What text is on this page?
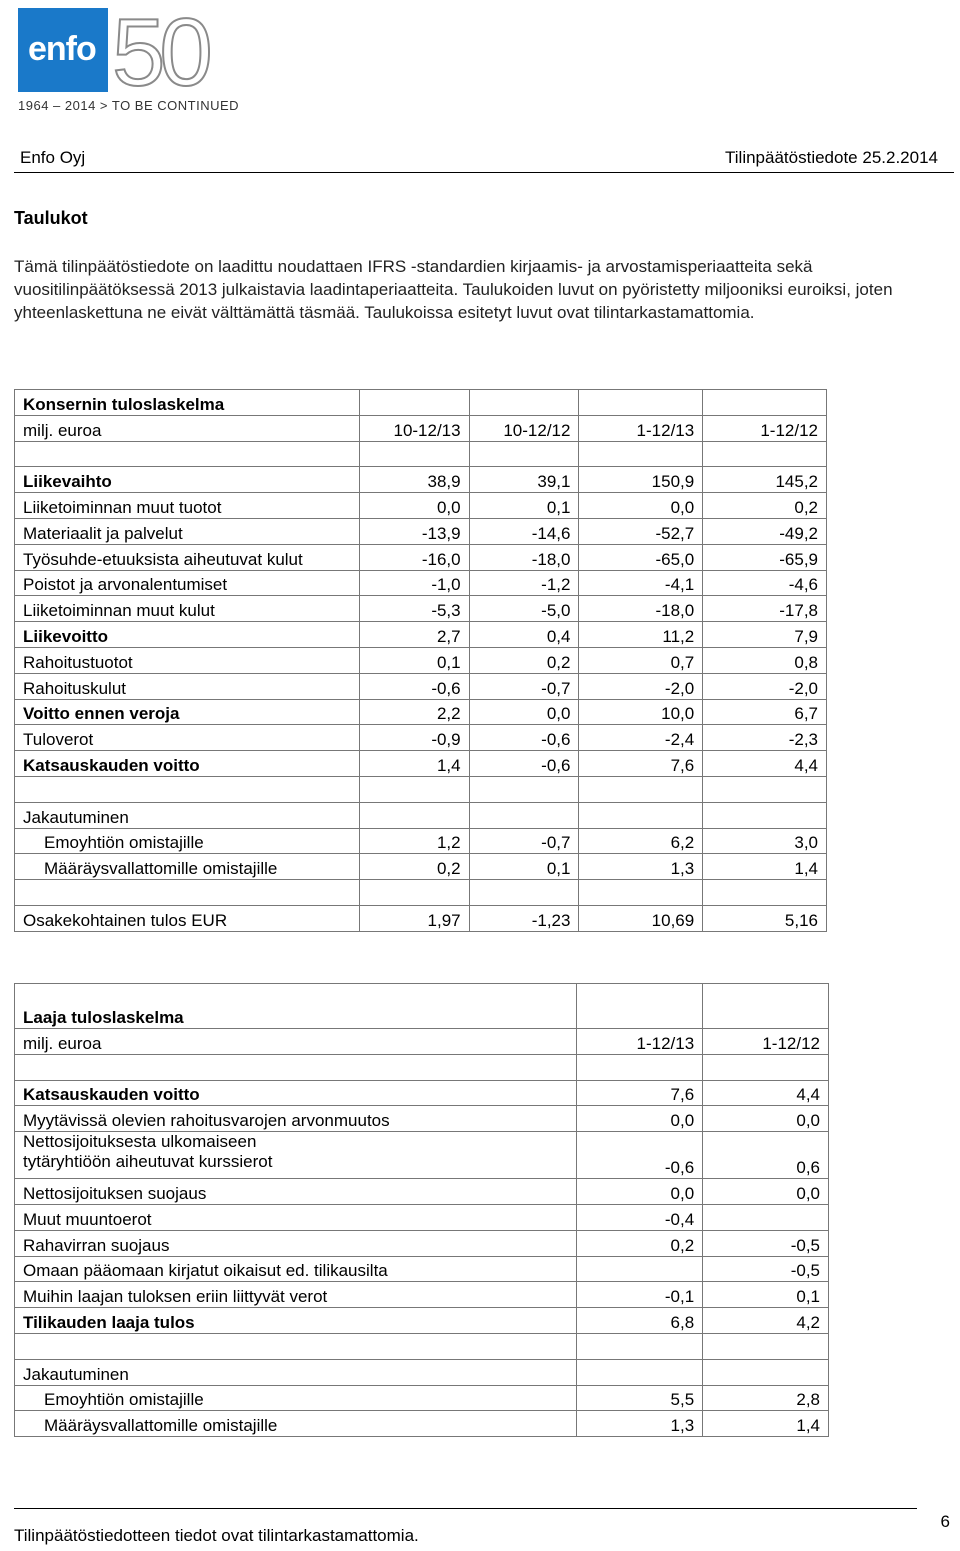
enfo 50
1964 – 2014 > TO BE CONTINUED
Enfo Oyj	Tilinpäätöstiedote 25.2.2014
Taulukot
Tämä tilinpäätöstiedote on laadittu noudattaen IFRS -standardien kirjaamis- ja arvostamisperiaatteita sekä vuositilinpäätöksessä 2013 julkaistavia laadintaperiaatteita. Taulukoiden luvut on pyöristetty miljooniksi euroiksi, joten yhteenlaskettuna ne eivät välttämättä täsmää. Taulukoissa esitetyt luvut ovat tilintarkastamattomia.
Konsernin tuloslaskelma				
milj. euroa	10-12/13	10-12/12	1-12/13	1-12/12

Liikevaihto	38,9	39,1	150,9	145,2
Liiketoiminnan muut tuotot	0,0	0,1	0,0	0,2
Materiaalit ja palvelut	-13,9	-14,6	-52,7	-49,2
Työsuhde-etuuksista aiheutuvat kulut	-16,0	-18,0	-65,0	-65,9
Poistot ja arvonalentumiset	-1,0	-1,2	-4,1	-4,6
Liiketoiminnan muut kulut	-5,3	-5,0	-18,0	-17,8
Liikevoitto	2,7	0,4	11,2	7,9
Rahoitustuotot	0,1	0,2	0,7	0,8
Rahoituskulut	-0,6	-0,7	-2,0	-2,0
Voitto ennen veroja	2,2	0,0	10,0	6,7
Tuloverot	-0,9	-0,6	-2,4	-2,3
Katsauskauden voitto	1,4	-0,6	7,6	4,4

Jakautuminen				
Emoyhtiön omistajille	1,2	-0,7	6,2	3,0
Määräysvallattomille omistajille	0,2	0,1	1,3	1,4

Osakekohtainen tulos EUR	1,97	-1,23	10,69	5,16
Laaja tuloslaskelma		
milj. euroa	1-12/13	1-12/12

Katsauskauden voitto	7,6	4,4
Myytävissä olevien rahoitusvarojen arvonmuutos	0,0	0,0

Nettosijoituksesta ulkomaiseen
tytäryhtiöön aiheutuvat kurssierot	-0,6	0,6
Nettosijoituksen suojaus	0,0	0,0
Muut muuntoerot	-0,4	
Rahavirran suojaus	0,2	-0,5
Omaan pääomaan kirjatut oikaisut ed. tilikausilta		-0,5
Muihin laajan tuloksen eriin liittyvät verot	-0,1	0,1
Tilikauden laaja tulos	6,8	4,2

Jakautuminen		
Emoyhtiön omistajille	5,5	2,8
Määräysvallattomille omistajille	1,3	1,4
Tilinpäätöstiedotteen tiedot ovat tilintarkastamattomia.
6
